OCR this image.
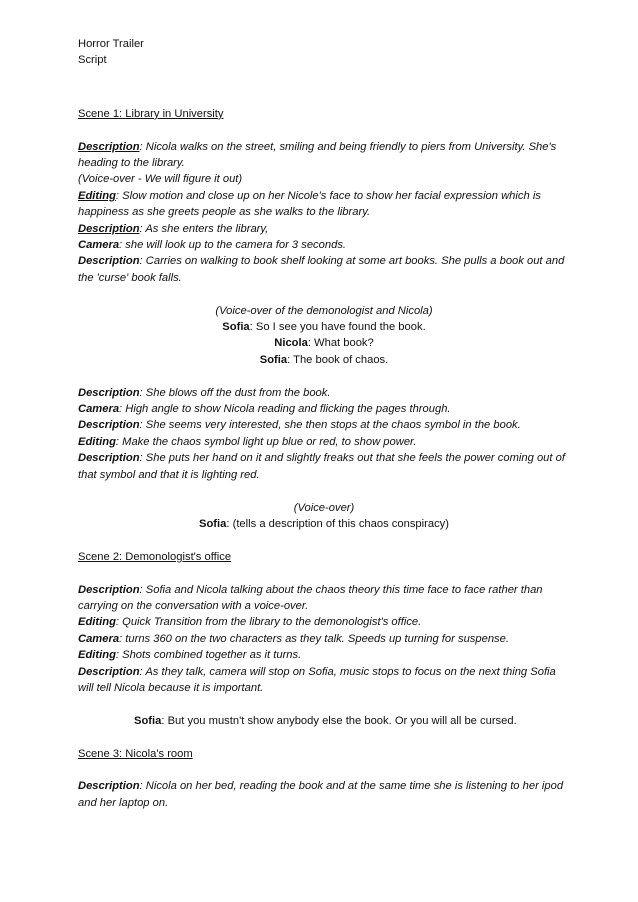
Horror Trailer
Script

Scene 1: Library in University

Description: Nicola walks on the street, smiling and being friendly to piers from University. She's heading to the library.

(Voice-over - We will figure it out)

Editing: Slow motion and close up on her Nicole's face to show her facial expression which is happiness as she greets people as she walks to the library.

Description: As she enters the library,

Camera: she will look up to the camera for 3 seconds.

Description: Carries on walking to book shelf looking at some art books. She pulls a book out and the 'curse' book falls.

(Voice-over of the demonologist and Nicola)

Sofia: So I see you have found the book.

Nicola: What book?

Sofia: The book of chaos.

Description: She blows off the dust from the book.

Camera: High angle to show Nicola reading and flicking the pages through.

Description: She seems very interested, she then stops at the chaos symbol in the book.

Editing: Make the chaos symbol light up blue or red, to show power.

Description: She puts her hand on it and slightly freaks out that she feels the power coming out of that symbol and that it is lighting red.

(Voice-over)

Sofia: (tells a description of this chaos conspiracy)

Scene 2: Demonologist's office

Description: Sofia and Nicola talking about the chaos theory this time face to face rather than carrying on the conversation with a voice-over.

Editing: Quick Transition from the library to the demonologist's office.

Camera: turns 360 on the two characters as they talk. Speeds up turning for suspense.

Editing: Shots combined together as it turns.

Description: As they talk, camera will stop on Sofia, music stops to focus on the next thing Sofia will tell Nicola because it is important.

Sofia: But you mustn't show anybody else the book. Or you will all be cursed.

Scene 3: Nicola's room

Description: Nicola on her bed, reading the book and at the same time she is listening to her ipod and her laptop on.
